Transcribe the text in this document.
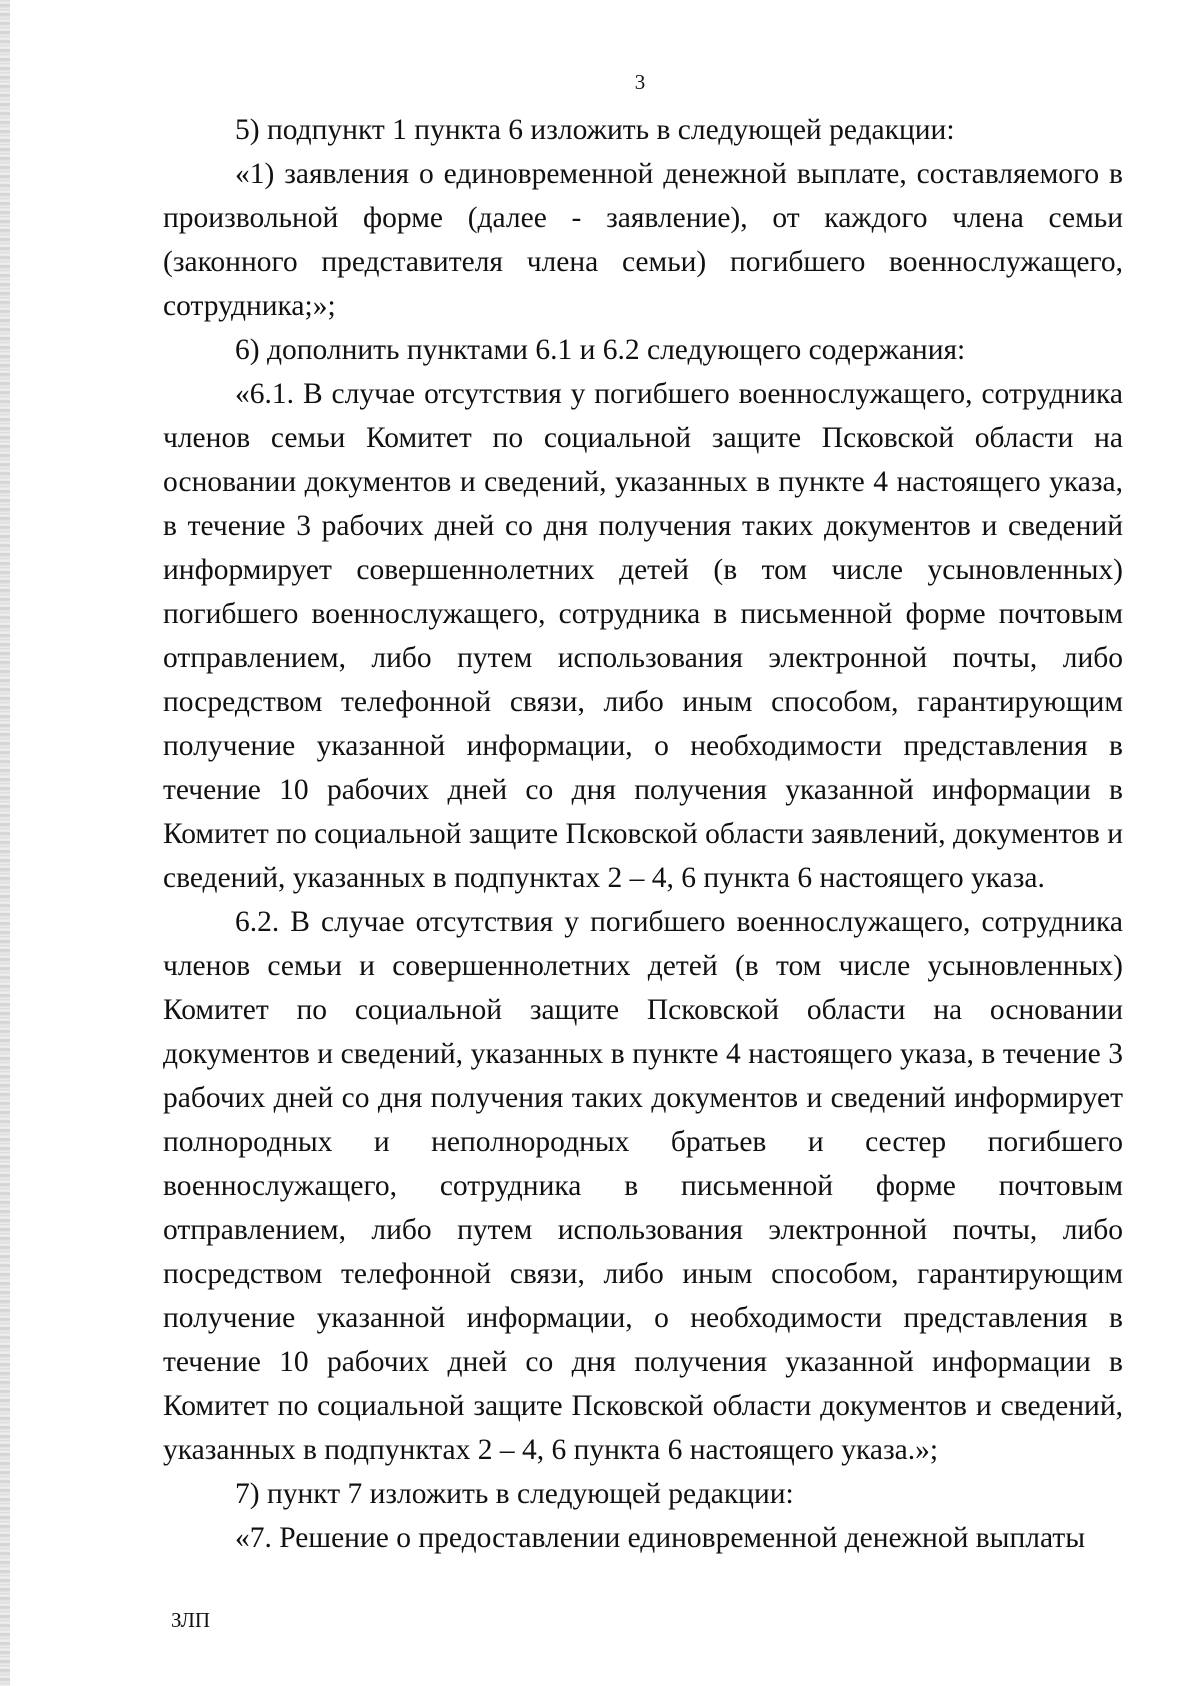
3

5) подпункт 1 пункта 6 изложить в следующей редакции:

«1) заявления о единовременной денежной выплате, составляемого в произвольной форме (далее - заявление), от каждого члена семьи (законного представителя члена семьи) погибшего военнослужащего, сотрудника;»;

6) дополнить пунктами 6.1 и 6.2 следующего содержания:

«6.1. В случае отсутствия у погибшего военнослужащего, сотрудника членов семьи Комитет по социальной защите Псковской области на основании документов и сведений, указанных в пункте 4 настоящего указа, в течение 3 рабочих дней со дня получения таких документов и сведений информирует совершеннолетних детей (в том числе усыновленных) погибшего военнослужащего, сотрудника в письменной форме почтовым отправлением, либо путем использования электронной почты, либо посредством телефонной связи, либо иным способом, гарантирующим получение указанной информации, о необходимости представления в течение 10 рабочих дней со дня получения указанной информации в Комитет по социальной защите Псковской области заявлений, документов и сведений, указанных в подпунктах 2 – 4, 6 пункта 6 настоящего указа.

6.2. В случае отсутствия у погибшего военнослужащего, сотрудника членов семьи и совершеннолетних детей (в том числе усыновленных) Комитет по социальной защите Псковской области на основании документов и сведений, указанных в пункте 4 настоящего указа, в течение 3 рабочих дней со дня получения таких документов и сведений информирует полнородных и неполнородных братьев и сестер погибшего военнослужащего, сотрудника в письменной форме почтовым отправлением, либо путем использования электронной почты, либо посредством телефонной связи, либо иным способом, гарантирующим получение указанной информации, о необходимости представления в течение 10 рабочих дней со дня получения указанной информации в Комитет по социальной защите Псковской области документов и сведений, указанных в подпунктах 2 – 4, 6 пункта 6 настоящего указа.»;

7) пункт 7 изложить в следующей редакции:

«7. Решение о предоставлении единовременной денежной выплаты

ЗЛП
